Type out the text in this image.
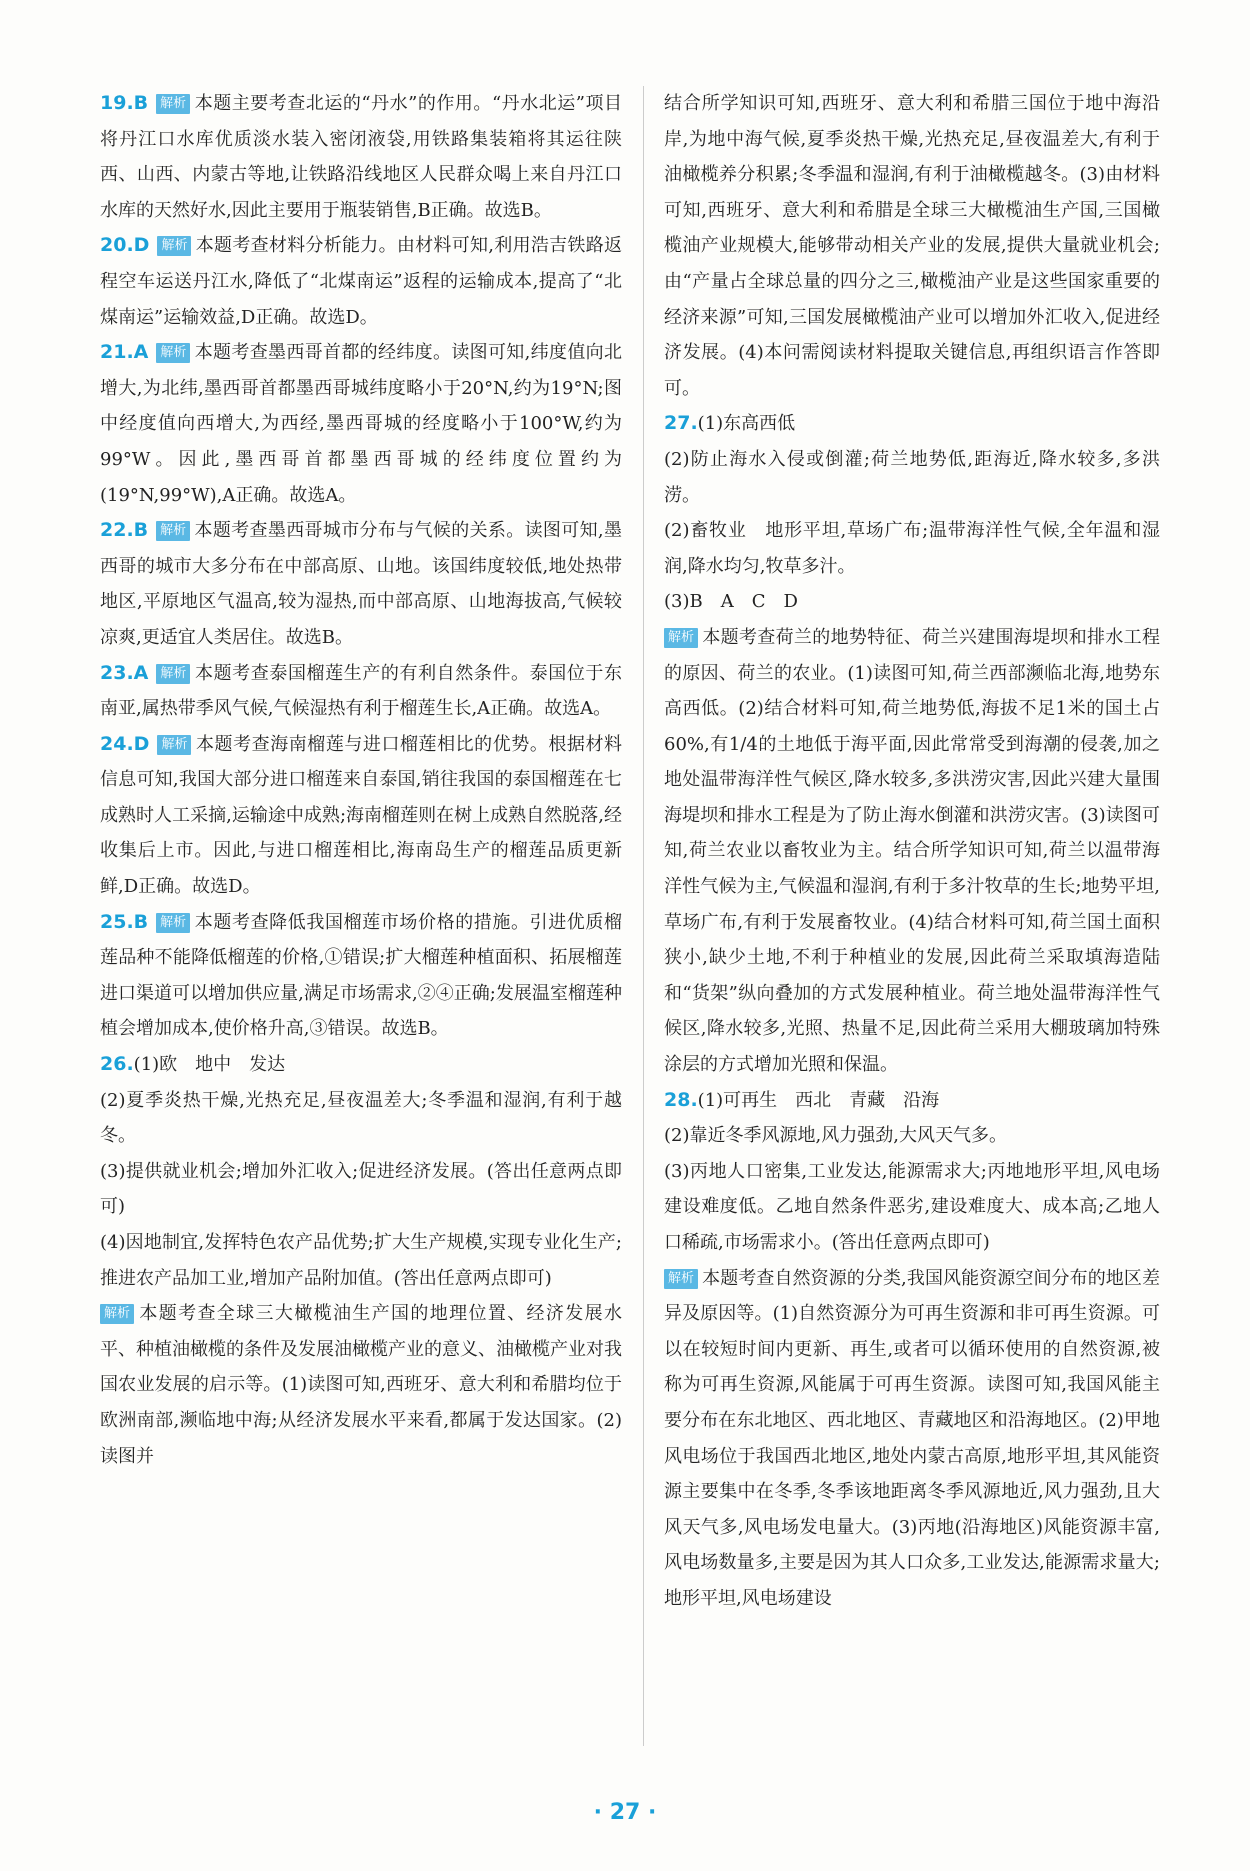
19.B 解析 本题主要考查北运的“丹水”的作用。“丹水北运”项目将丹江口水库优质淡水装入密闭液袋,用铁路集装箱将其运往陕西、山西、内蒙古等地,让铁路沿线地区人民群众喝上来自丹江口水库的天然好水,因此主要用于瓶装销售,B正确。故选B。

20.D 解析 本题考查材料分析能力。由材料可知,利用浩吉铁路返程空车运送丹江水,降低了“北煤南运”返程的运输成本,提高了“北煤南运”运输效益,D正确。故选D。

21.A 解析 本题考查墨西哥首都的经纬度。读图可知,纬度值向北增大,为北纬,墨西哥首都墨西哥城纬度略小于20°N,约为19°N;图中经度值向西增大,为西经,墨西哥城的经度略小于100°W,约为99°W。因此,墨西哥首都墨西哥城的经纬度位置约为(19°N,99°W),A正确。故选A。

22.B 解析 本题考查墨西哥城市分布与气候的关系。读图可知,墨西哥的城市大多分布在中部高原、山地。该国纬度较低,地处热带地区,平原地区气温高,较为湿热,而中部高原、山地海拔高,气候较凉爽,更适宜人类居住。故选B。

23.A 解析 本题考查泰国榴莲生产的有利自然条件。泰国位于东南亚,属热带季风气候,气候湿热有利于榴莲生长,A正确。故选A。

24.D 解析 本题考查海南榴莲与进口榴莲相比的优势。根据材料信息可知,我国大部分进口榴莲来自泰国,销往我国的泰国榴莲在七成熟时人工采摘,运输途中成熟;海南榴莲则在树上成熟自然脱落,经收集后上市。因此,与进口榴莲相比,海南岛生产的榴莲品质更新鲜,D正确。故选D。

25.B 解析 本题考查降低我国榴莲市场价格的措施。引进优质榴莲品种不能降低榴莲的价格,①错误;扩大榴莲种植面积、拓展榴莲进口渠道可以增加供应量,满足市场需求,②④正确;发展温室榴莲种植会增加成本,使价格升高,③错误。故选B。

26.(1)欧　地中　发达

(2)夏季炎热干燥,光热充足,昼夜温差大;冬季温和湿润,有利于越冬。

(3)提供就业机会;增加外汇收入;促进经济发展。(答出任意两点即可)

(4)因地制宜,发挥特色农产品优势;扩大生产规模,实现专业化生产;推进农产品加工业,增加产品附加值。(答出任意两点即可)

解析 本题考查全球三大橄榄油生产国的地理位置、经济发展水平、种植油橄榄的条件及发展油橄榄产业的意义、油橄榄产业对我国农业发展的启示等。(1)读图可知,西班牙、意大利和希腊均位于欧洲南部,濒临地中海;从经济发展水平来看,都属于发达国家。(2)读图并

结合所学知识可知,西班牙、意大利和希腊三国位于地中海沿岸,为地中海气候,夏季炎热干燥,光热充足,昼夜温差大,有利于油橄榄养分积累;冬季温和湿润,有利于油橄榄越冬。(3)由材料可知,西班牙、意大利和希腊是全球三大橄榄油生产国,三国橄榄油产业规模大,能够带动相关产业的发展,提供大量就业机会;由“产量占全球总量的四分之三,橄榄油产业是这些国家重要的经济来源”可知,三国发展橄榄油产业可以增加外汇收入,促进经济发展。(4)本问需阅读材料提取关键信息,再组织语言作答即可。

27.(1)东高西低

(2)防止海水入侵或倒灌;荷兰地势低,距海近,降水较多,多洪涝。

(2)畜牧业　地形平坦,草场广布;温带海洋性气候,全年温和湿润,降水均匀,牧草多汁。

(3)B　A　C　D

解析 本题考查荷兰的地势特征、荷兰兴建围海堤坝和排水工程的原因、荷兰的农业。(1)读图可知,荷兰西部濒临北海,地势东高西低。(2)结合材料可知,荷兰地势低,海拔不足1米的国土占60%,有1/4的土地低于海平面,因此常常受到海潮的侵袭,加之地处温带海洋性气候区,降水较多,多洪涝灾害,因此兴建大量围海堤坝和排水工程是为了防止海水倒灌和洪涝灾害。(3)读图可知,荷兰农业以畜牧业为主。结合所学知识可知,荷兰以温带海洋性气候为主,气候温和湿润,有利于多汁牧草的生长;地势平坦,草场广布,有利于发展畜牧业。(4)结合材料可知,荷兰国土面积狭小,缺少土地,不利于种植业的发展,因此荷兰采取填海造陆和“货架”纵向叠加的方式发展种植业。荷兰地处温带海洋性气候区,降水较多,光照、热量不足,因此荷兰采用大棚玻璃加特殊涂层的方式增加光照和保温。

28.(1)可再生　西北　青藏　沿海

(2)靠近冬季风源地,风力强劲,大风天气多。

(3)丙地人口密集,工业发达,能源需求大;丙地地形平坦,风电场建设难度低。乙地自然条件恶劣,建设难度大、成本高;乙地人口稀疏,市场需求小。(答出任意两点即可)

解析 本题考查自然资源的分类,我国风能资源空间分布的地区差异及原因等。(1)自然资源分为可再生资源和非可再生资源。可以在较短时间内更新、再生,或者可以循环使用的自然资源,被称为可再生资源,风能属于可再生资源。读图可知,我国风能主要分布在东北地区、西北地区、青藏地区和沿海地区。(2)甲地风电场位于我国西北地区,地处内蒙古高原,地形平坦,其风能资源主要集中在冬季,冬季该地距离冬季风源地近,风力强劲,且大风天气多,风电场发电量大。(3)丙地(沿海地区)风能资源丰富,风电场数量多,主要是因为其人口众多,工业发达,能源需求量大;地形平坦,风电场建设

· 27 ·
